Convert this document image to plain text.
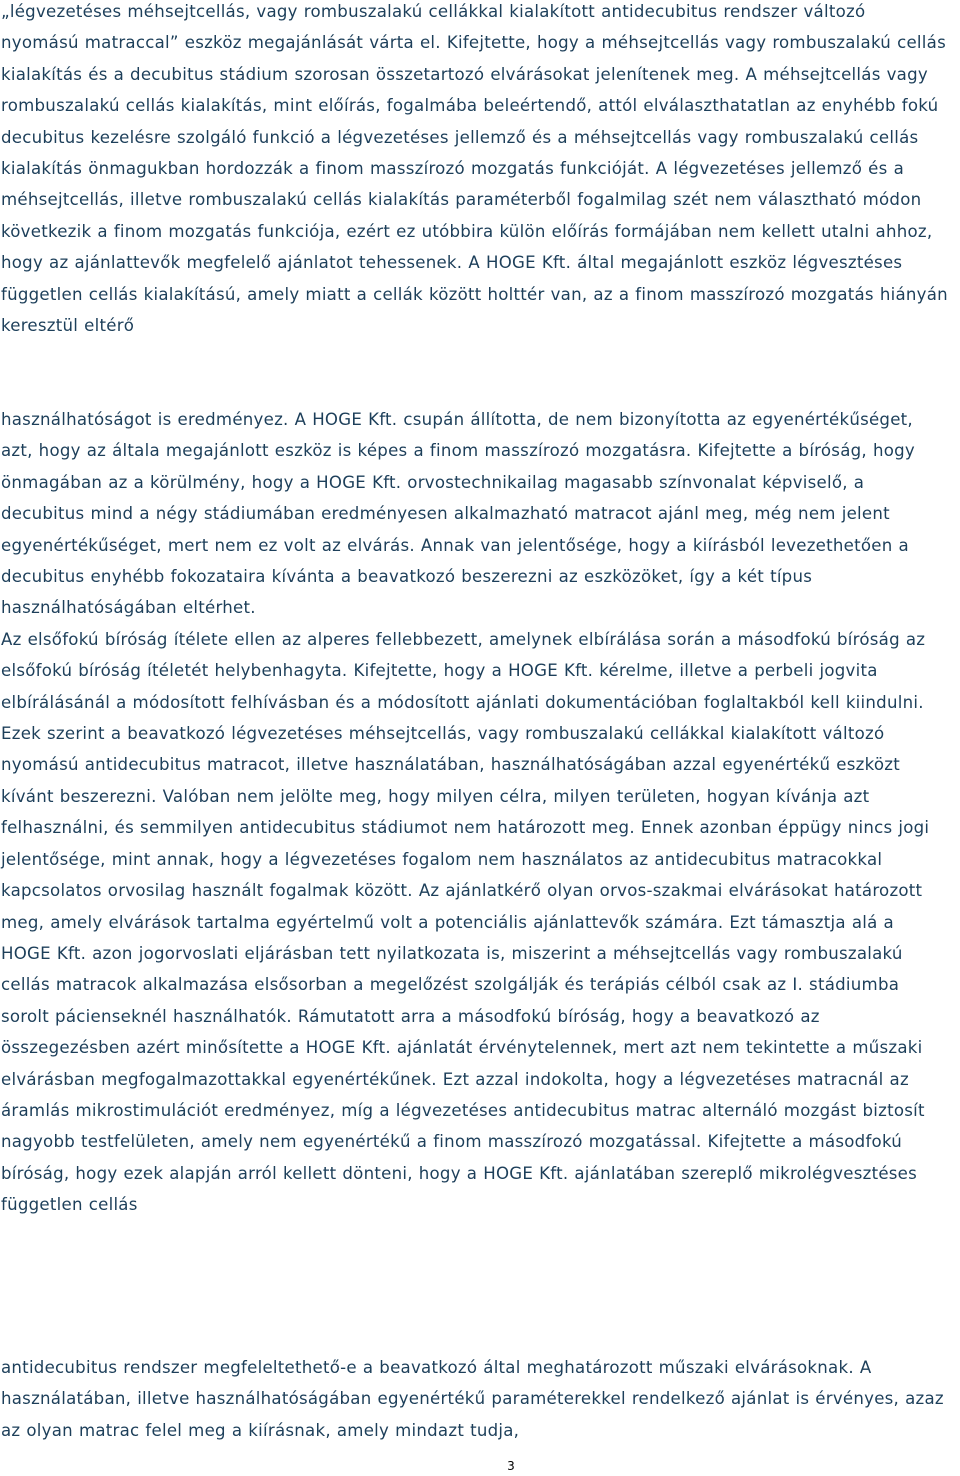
„légvezetéses méhsejtcellás, vagy rombuszalakú cellákkal kialakított antidecubitus rendszer változó nyomású matraccal” eszköz megajánlását várta el. Kifejtette, hogy a méhsejtcellás vagy rombuszalakú cellás kialakítás és a decubitus stádium szorosan összetartozó elvárásokat jelenítenek meg. A méhsejtcellás vagy rombuszalakú cellás kialakítás, mint előírás, fogalmába beleértendő, attól elválaszthatatlan az enyhébb fokú decubitus kezelésre szolgáló funkció a légvezetéses jellemző és a méhsejtcellás vagy rombuszalakú cellás kialakítás önmagukban hordozzák a finom masszírozó mozgatás funkcióját. A légvezetéses jellemző és a méhsejtcellás, illetve rombuszalakú cellás kialakítás paraméterből fogalmilag szét nem választható módon következik a finom mozgatás funkciója, ezért ez utóbbira külön előírás formájában nem kellett utalni ahhoz, hogy az ajánlattevők megfelelő ajánlatot tehessenek. A HOGE Kft. által megajánlott eszköz légvesztéses független cellás kialakítású, amely miatt a cellák között holttér van, az a finom masszírozó mozgatás hiányán keresztül eltérő

használhatóságot is eredményez. A HOGE Kft. csupán állította, de nem bizonyította az egyenértékűséget, azt, hogy az általa megajánlott eszköz is képes a finom masszírozó mozgatásra. Kifejtette a bíróság, hogy önmagában az a körülmény, hogy a HOGE Kft. orvostechnikailag magasabb színvonalat képviselő, a decubitus mind a négy stádiumában eredményesen alkalmazható matracot ajánl meg, még nem jelent egyenértékűséget, mert nem ez volt az elvárás. Annak van jelentősége, hogy a kiírásból levezethetően a decubitus enyhébb fokozataira kívánta a beavatkozó beszerezni az eszközöket, így a két típus használhatóságában eltérhet.

Az elsőfokú bíróság ítélete ellen az alperes fellebbezett, amelynek elbírálása során a másodfokú bíróság az elsőfokú bíróság ítéletét helybenhagyta. Kifejtette, hogy a HOGE Kft. kérelme, illetve a perbeli jogvita elbírálásánál a módosított felhívásban és a módosított ajánlati dokumentációban foglaltakból kell kiindulni. Ezek szerint a beavatkozó légvezetéses méhsejtcellás, vagy rombuszalakú cellákkal kialakított változó nyomású antidecubitus matracot, illetve használatában, használhatóságában azzal egyenértékű eszközt kívánt beszerezni. Valóban nem jelölte meg, hogy milyen célra, milyen területen, hogyan kívánja azt felhasználni, és semmilyen antidecubitus stádiumot nem határozott meg. Ennek azonban éppügy nincs jogi jelentősége, mint annak, hogy a légvezetéses fogalom nem használatos az antidecubitus matracokkal kapcsolatos orvosilag használt fogalmak között. Az ajánlatkérő olyan orvos-szakmai elvárásokat határozott meg, amely elvárások tartalma egyértelmű volt a potenciális ajánlattevők számára. Ezt támasztja alá a HOGE Kft. azon jogorvoslati eljárásban tett nyilatkozata is, miszerint a méhsejtcellás vagy rombuszalakú cellás matracok alkalmazása elsősorban a megelőzést szolgálják és terápiás célból csak az I. stádiumba sorolt pácienseknél használhatók. Rámutatott arra a másodfokú bíróság, hogy a beavatkozó az összegezésben azért minősítette a HOGE Kft. ajánlatát érvénytelennek, mert azt nem tekintette a műszaki elvárásban megfogalmazottakkal egyenértékűnek. Ezt azzal indokolta, hogy a légvezetéses matracnál az áramlás mikrostimulációt eredményez, míg a légvezetéses antidecubitus matrac alternáló mozgást biztosít nagyobb testfelületen, amely nem egyenértékű a finom masszírozó mozgatással. Kifejtette a másodfokú bíróság, hogy ezek alapján arról kellett dönteni, hogy a HOGE Kft. ajánlatában szereplő mikrolégvesztéses független cellás

antidecubitus rendszer megfeleltethető-e a beavatkozó által meghatározott műszaki elvárásoknak. A használatában, illetve használhatóságában egyenértékű paraméterekkel rendelkező ajánlat is érvényes, azaz az olyan matrac felel meg a kiírásnak, amely mindazt tudja,

3
